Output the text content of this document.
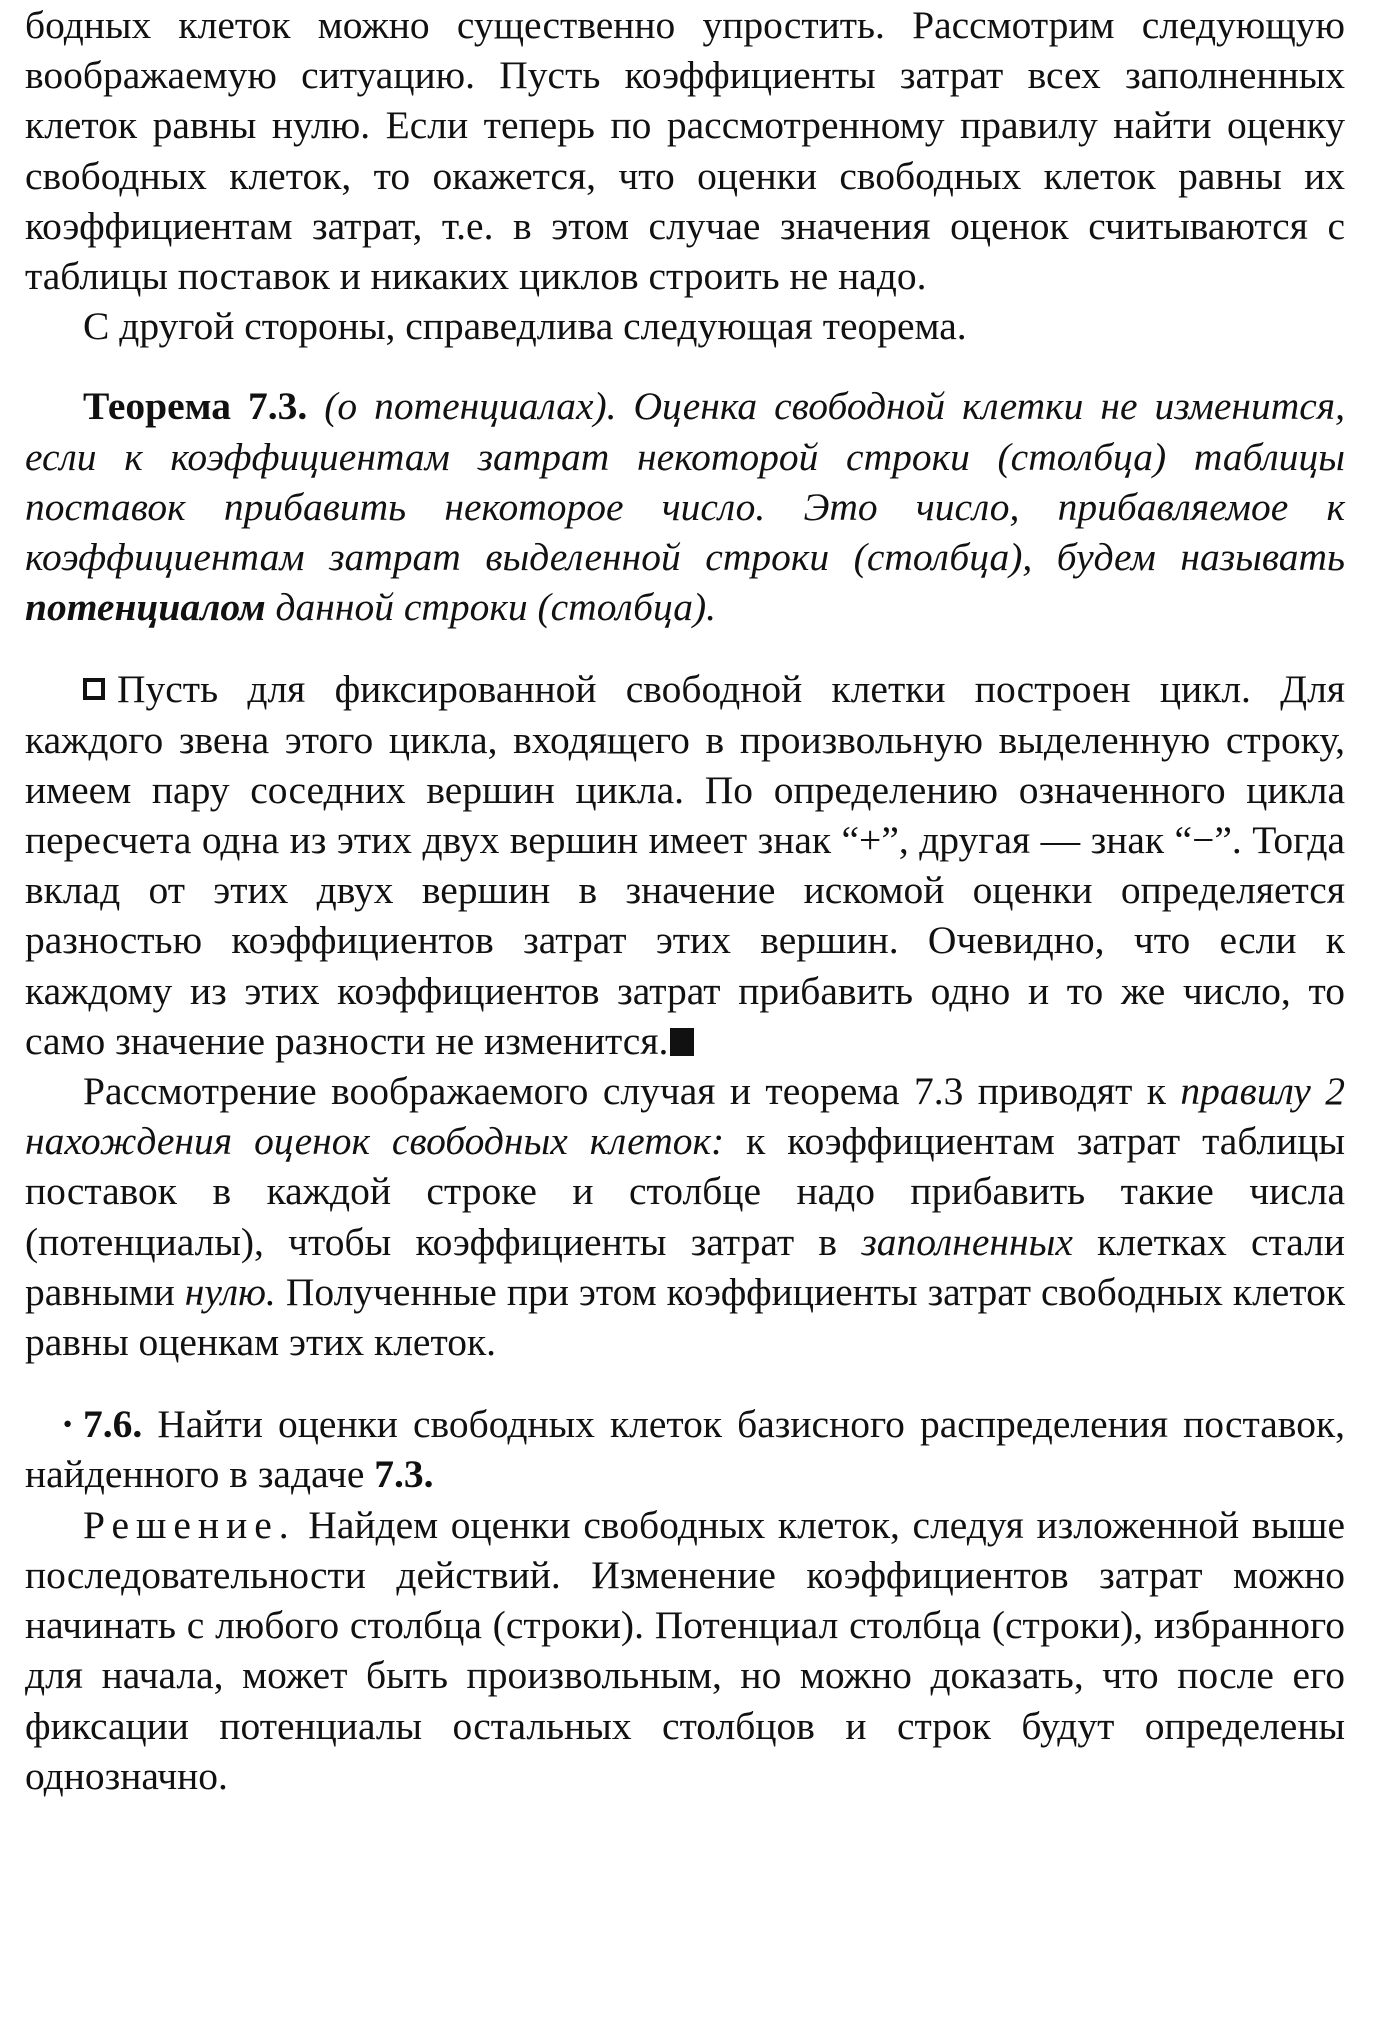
бодных клеток можно существенно упростить. Рассмотрим следующую воображаемую ситуацию. Пусть коэффициенты затрат всех заполненных клеток равны нулю. Если теперь по рассмотренному правилу найти оценку свободных клеток, то окажется, что оценки свободных клеток равны их коэффициентам затрат, т.е. в этом случае значения оценок считываются с таблицы поставок и никаких циклов строить не надо.

С другой стороны, справедлива следующая теорема.

Теорема 7.3. (о потенциалах). Оценка свободной клетки не изменится, если к коэффициентам затрат некоторой строки (столбца) таблицы поставок прибавить некоторое число. Это число, прибавляемое к коэффициентам затрат выделенной строки (столбца), будем называть потенциалом данной строки (столбца).

Пусть для фиксированной свободной клетки построен цикл. Для каждого звена этого цикла, входящего в произвольную выделенную строку, имеем пару соседних вершин цикла. По определению означенного цикла пересчета одна из этих двух вершин имеет знак “+”, другая — знак “−”. Тогда вклад от этих двух вершин в значение искомой оценки определяется разностью коэффициентов затрат этих вершин. Очевидно, что если к каждому из этих коэффициентов затрат прибавить одно и то же число, то само значение разности не изменится.

Рассмотрение воображаемого случая и теорема 7.3 приводят к правилу 2 нахождения оценок свободных клеток: к коэффициентам затрат таблицы поставок в каждой строке и столбце надо прибавить такие числа (потенциалы), чтобы коэффициенты затрат в заполненных клетках стали равными нулю. Полученные при этом коэффициенты затрат свободных клеток равны оценкам этих клеток.

· 7.6. Найти оценки свободных клеток базисного распределения поставок, найденного в задаче 7.3.

Решение. Найдем оценки свободных клеток, следуя изложенной выше последовательности действий. Изменение коэффициентов затрат можно начинать с любого столбца (строки). Потенциал столбца (строки), избранного для начала, может быть произвольным, но можно доказать, что после его фиксации потенциалы остальных столбцов и строк будут определены однозначно.
